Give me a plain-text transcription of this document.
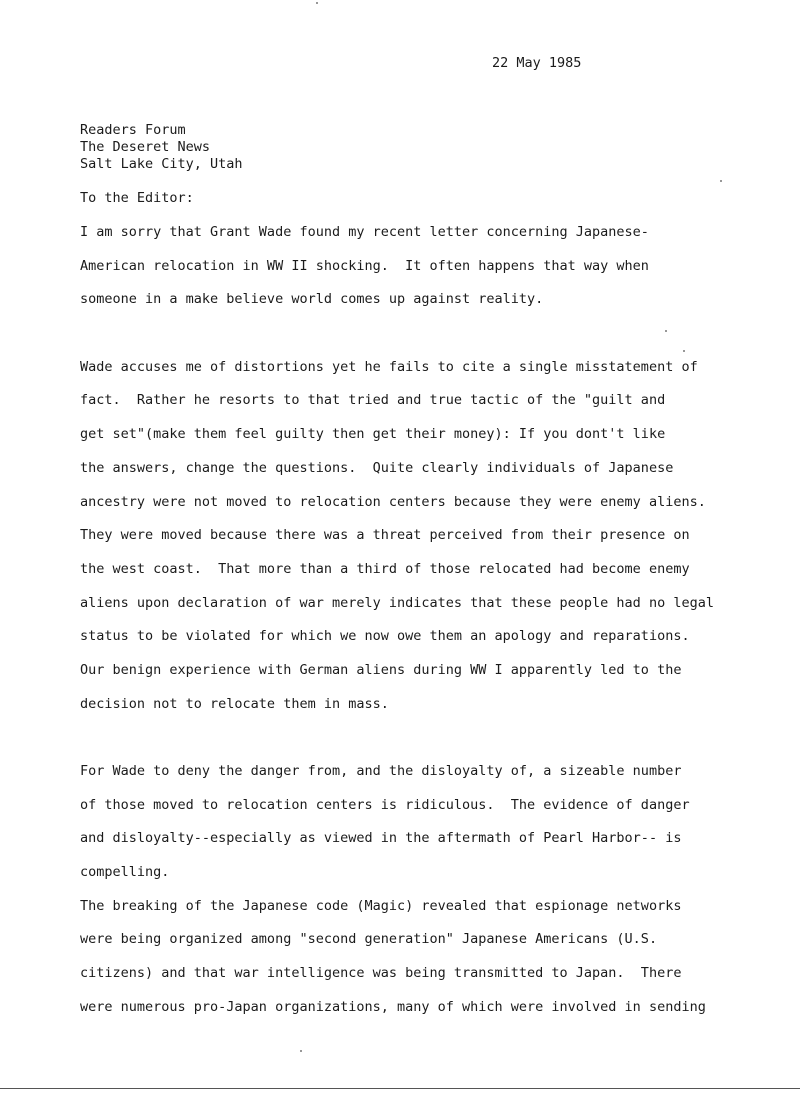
22 May 1985
Readers Forum
The Deseret News
Salt Lake City, Utah
To the Editor:
I am sorry that Grant Wade found my recent letter concerning Japanese-
American relocation in WW II shocking.  It often happens that way when
someone in a make believe world comes up against reality.
Wade accuses me of distortions yet he fails to cite a single misstatement of
fact.  Rather he resorts to that tried and true tactic of the "guilt and
get set"(make them feel guilty then get their money): If you dont't like
the answers, change the questions.  Quite clearly individuals of Japanese
ancestry were not moved to relocation centers because they were enemy aliens.
They were moved because there was a threat perceived from their presence on
the west coast.  That more than a third of those relocated had become enemy
aliens upon declaration of war merely indicates that these people had no legal
status to be violated for which we now owe them an apology and reparations.
Our benign experience with German aliens during WW I apparently led to the
decision not to relocate them in mass.
For Wade to deny the danger from, and the disloyalty of, a sizeable number
of those moved to relocation centers is ridiculous.  The evidence of danger
and disloyalty--especially as viewed in the aftermath of Pearl Harbor-- is
compelling.
The breaking of the Japanese code (Magic) revealed that espionage networks
were being organized among "second generation" Japanese Americans (U.S.
citizens) and that war intelligence was being transmitted to Japan.  There
were numerous pro-Japan organizations, many of which were involved in sending
